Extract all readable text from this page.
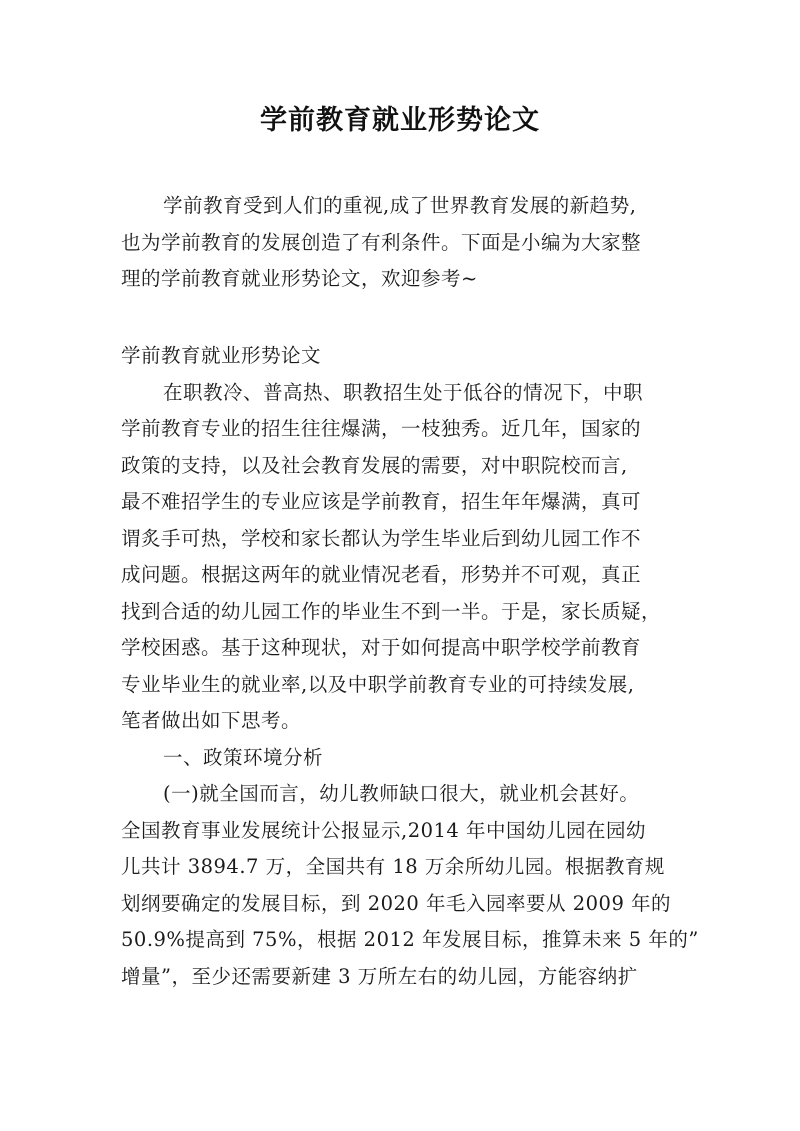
学前教育就业形势论文
学前教育受到人们的重视,成了世界教育发展的新趋势,
也为学前教育的发展创造了有利条件。下面是小编为大家整
理的学前教育就业形势论文，欢迎参考~
学前教育就业形势论文
在职教冷、普高热、职教招生处于低谷的情况下，中职
学前教育专业的招生往往爆满，一枝独秀。近几年，国家的
政策的支持，以及社会教育发展的需要，对中职院校而言,
最不难招学生的专业应该是学前教育，招生年年爆满，真可
谓炙手可热，学校和家长都认为学生毕业后到幼儿园工作不
成问题。根据这两年的就业情况老看，形势并不可观，真正
找到合适的幼儿园工作的毕业生不到一半。于是，家长质疑，
学校困惑。基于这种现状，对于如何提高中职学校学前教育
专业毕业生的就业率,以及中职学前教育专业的可持续发展,
笔者做出如下思考。
一、政策环境分析
(一)就全国而言，幼儿教师缺口很大，就业机会甚好。
全国教育事业发展统计公报显示,2014 年中国幼儿园在园幼
儿共计 3894.7 万，全国共有 18 万余所幼儿园。根据教育规
划纲要确定的发展目标，到 2020 年毛入园率要从 2009 年的
50.9%提高到 75%，根据 2012 年发展目标，推算未来 5 年的”
增量”，至少还需要新建 3 万所左右的幼儿园，方能容纳扩
